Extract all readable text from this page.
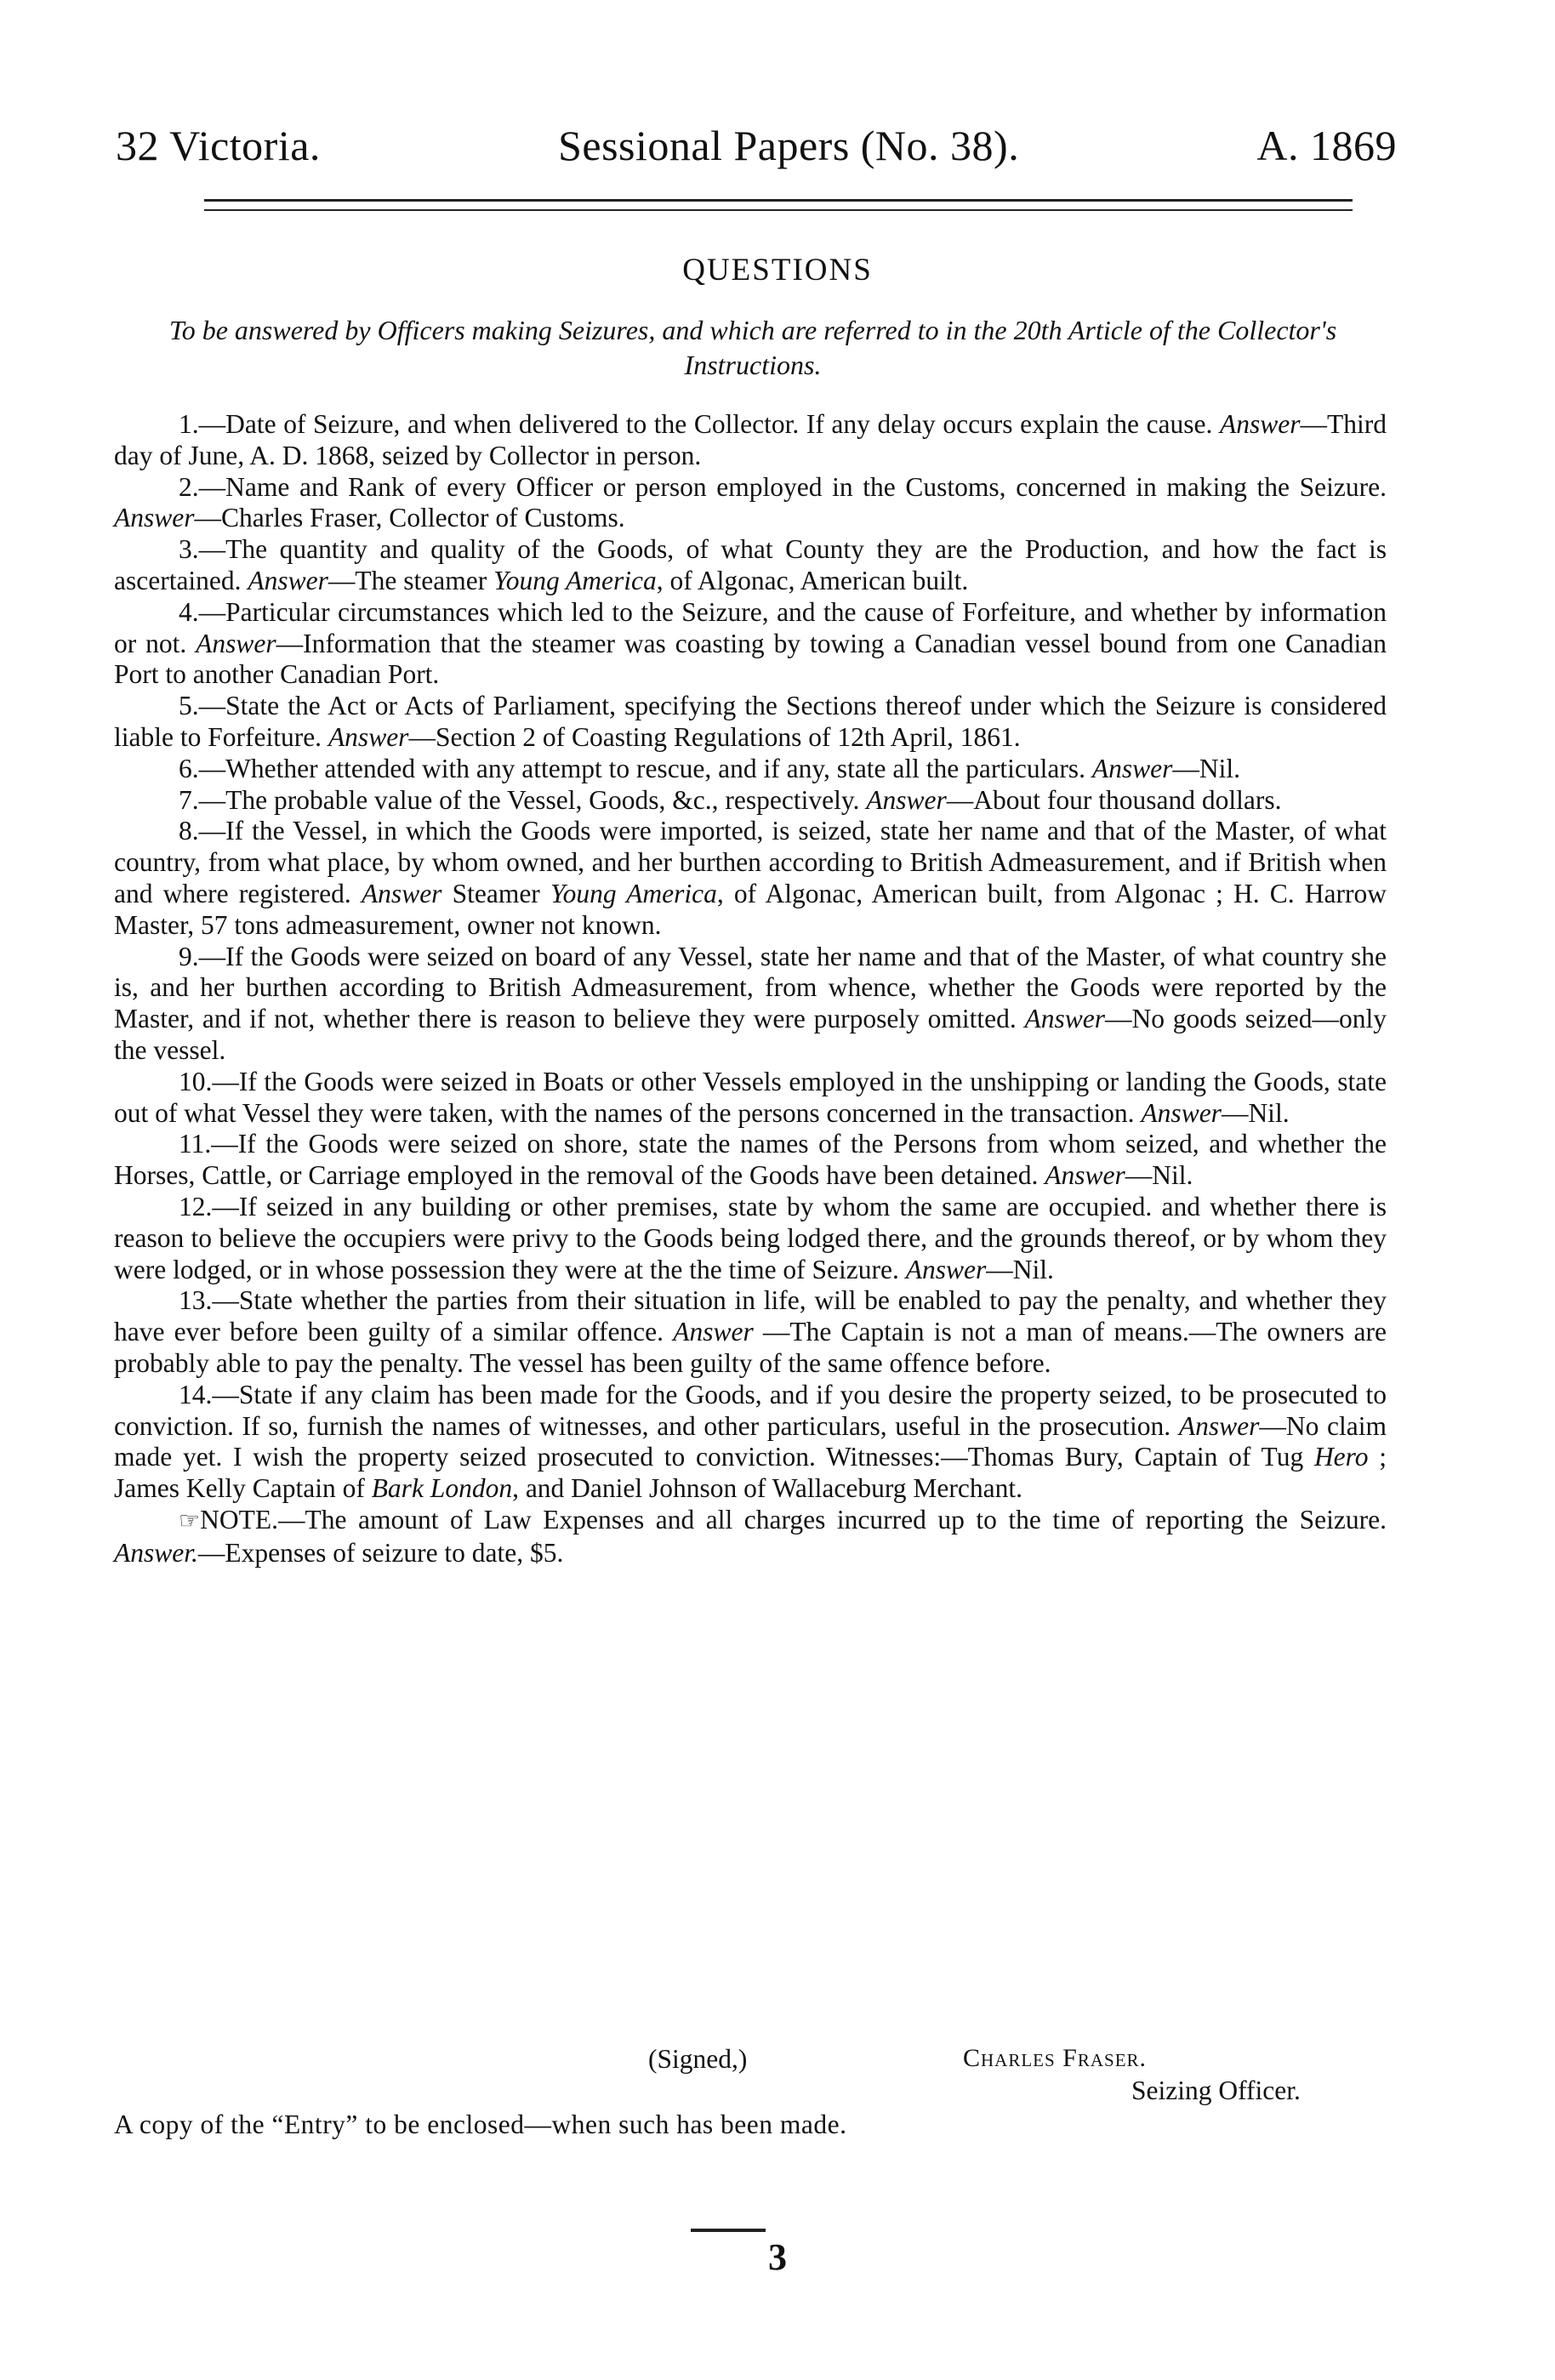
32 Victoria.	Sessional Papers (No. 38).	A. 1869
QUESTIONS
To be answered by Officers making Seizures, and which are referred to in the 20th Article of the Collector's Instructions.

1.—Date of Seizure, and when delivered to the Collector. If any delay occurs explain the cause. Answer—Third day of June, A. D. 1868, seized by Collector in person.

2.—Name and Rank of every Officer or person employed in the Customs, concerned in making the Seizure. Answer—Charles Fraser, Collector of Customs.

3.—The quantity and quality of the Goods, of what County they are the Production, and how the fact is ascertained. Answer—The steamer Young America, of Algonac, American built.

4.—Particular circumstances which led to the Seizure, and the cause of Forfeiture, and whether by information or not. Answer—Information that the steamer was coasting by towing a Canadian vessel bound from one Canadian Port to another Canadian Port.

5.—State the Act or Acts of Parliament, specifying the Sections thereof under which the Seizure is considered liable to Forfeiture. Answer—Section 2 of Coasting Regulations of 12th April, 1861.

6.—Whether attended with any attempt to rescue, and if any, state all the particulars. Answer—Nil.

7.—The probable value of the Vessel, Goods, &c., respectively. Answer—About four thousand dollars.

8.—If the Vessel, in which the Goods were imported, is seized, state her name and that of the Master, of what country, from what place, by whom owned, and her burthen according to British Admeasurement, and if British when and where registered. Answer Steamer Young America, of Algonac, American built, from Algonac ; H. C. Harrow Master, 57 tons admeasurement, owner not known.

9.—If the Goods were seized on board of any Vessel, state her name and that of the Master, of what country she is, and her burthen according to British Admeasurement, from whence, whether the Goods were reported by the Master, and if not, whether there is reason to believe they were purposely omitted. Answer—No goods seized—only the vessel.

10.—If the Goods were seized in Boats or other Vessels employed in the unshipping or landing the Goods, state out of what Vessel they were taken, with the names of the persons concerned in the transaction. Answer—Nil.

11.—If the Goods were seized on shore, state the names of the Persons from whom seized, and whether the Horses, Cattle, or Carriage employed in the removal of the Goods have been detained. Answer—Nil.

12.—If seized in any building or other premises, state by whom the same are occupied. and whether there is reason to believe the occupiers were privy to the Goods being lodged there, and the grounds thereof, or by whom they were lodged, or in whose possession they were at the the time of Seizure. Answer—Nil.

13.—State whether the parties from their situation in life, will be enabled to pay the penalty, and whether they have ever before been guilty of a similar offence. Answer —The Captain is not a man of means.—The owners are probably able to pay the penalty. The vessel has been guilty of the same offence before.

14.—State if any claim has been made for the Goods, and if you desire the property seized, to be prosecuted to conviction. If so, furnish the names of witnesses, and other particulars, useful in the prosecution. Answer—No claim made yet. I wish the property seized prosecuted to conviction. Witnesses:—Thomas Bury, Captain of Tug Hero ; James Kelly Captain of Bark London, and Daniel Johnson of Wallaceburg Merchant.

☞NOTE.—The amount of Law Expenses and all charges incurred up to the time of reporting the Seizure. Answer.—Expenses of seizure to date, $5.

(Signed,)	Charles Fraser.
Seizing Officer.
A copy of the “Entry” to be enclosed—when such has been made.
3
